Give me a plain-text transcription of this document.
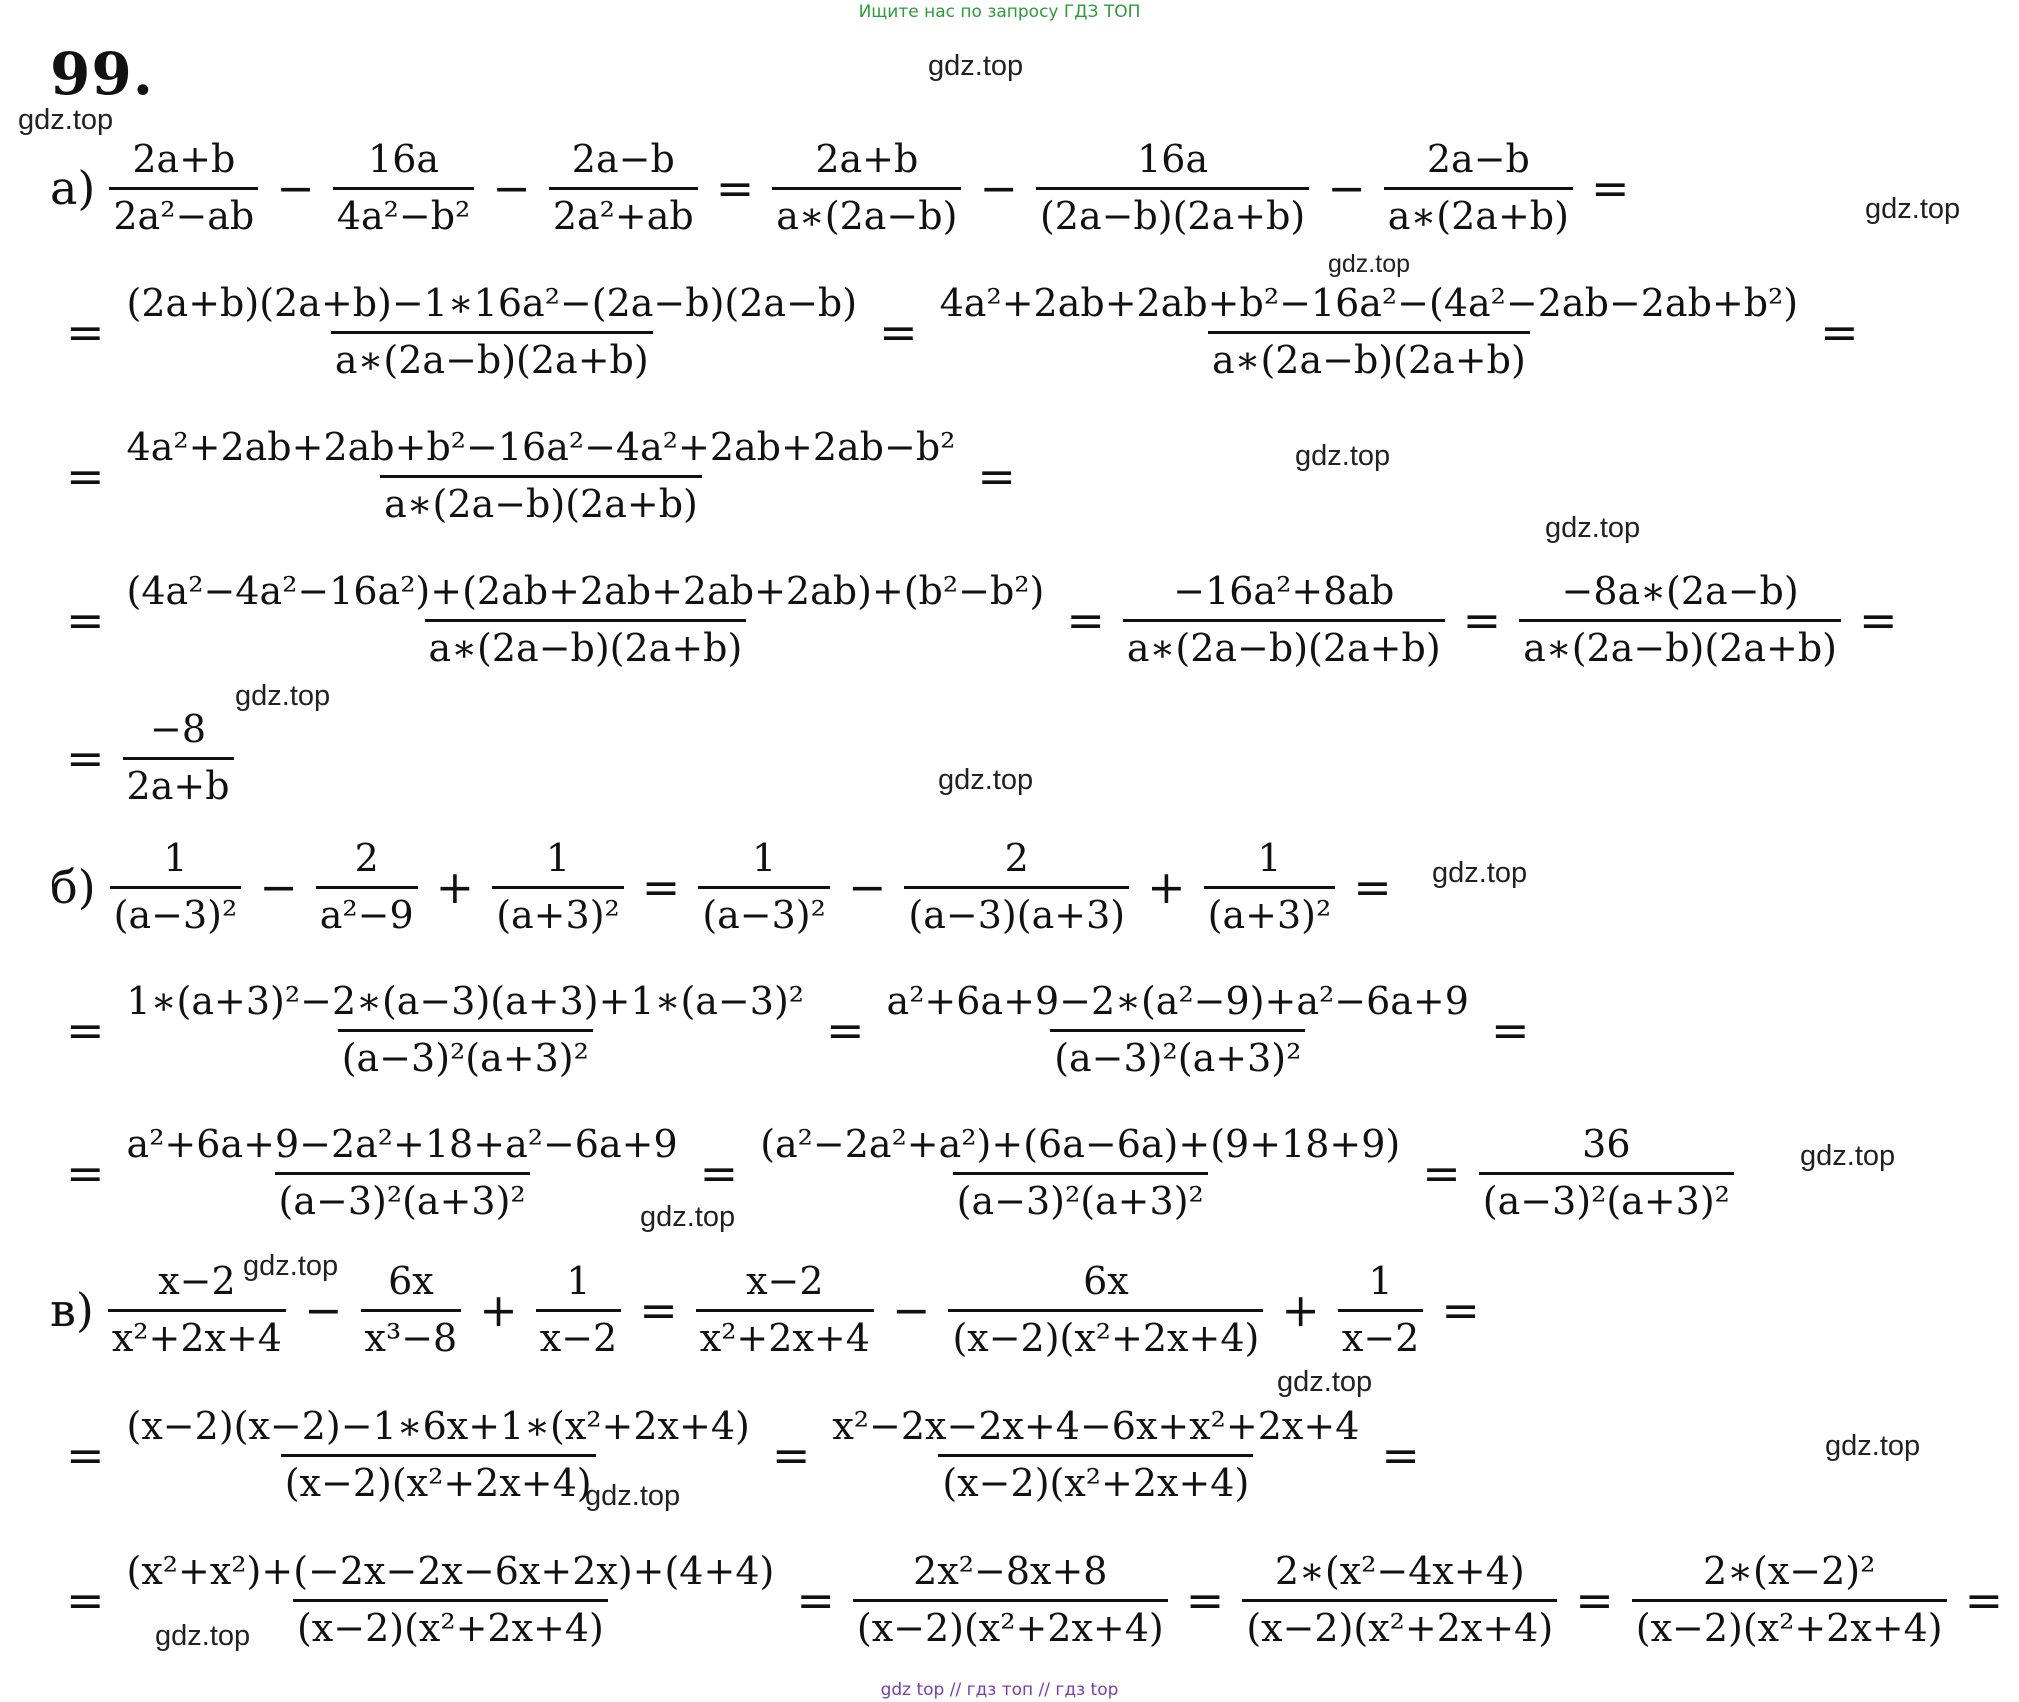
Ищите нас по запросу ГДЗ ТОП
99.	gdz.top
gdz.top
gdz.top
gdz.top
gdz.top
gdz.top
gdz.top
gdz.top
gdz.top
gdz.top
gdz.top
gdz.top
gdz.top
gdz.top
gdz.top
gdz.top
$а) \frac{2a+b}{\text{2a²−ab}} - \frac{16a}{\text{4a²−b²}} - \frac{2a-b}{\text{2a²+ab}} = \frac{2a+b}{a∗(2a-b)} - \frac{16a}{(2a-b)(2a+b)} - \frac{2a-b}{a∗(2a+b)}$ =
= $\frac{\text{(2a+b)(2a+b)−1∗16a²−(2a−b)(2a−b)}}{a∗(2a-b)(2a+b)} = \frac{\text{4a²+2ab+2ab+b²−16a²−(4a²−2ab−2ab+b²)}}{a∗(2a-b)(2a+b)}$ =
= $\frac{\text{4a²+2ab+2ab+b²−16a²−4a²+2ab+2ab−b²}}{a∗(2a-b)(2a+b)}$ =
= $\frac{\text{(4a²−4a²−16a²)+(2ab+2ab+2ab+2ab)+(b²−b²)}}{a∗(2a-b)(2a+b)} = \frac{\text{−16a²+8ab}}{a∗(2a-b)(2a+b)} = \frac{-8a∗(2a-b)}{a∗(2a-b)(2a+b)}$ =
= $\frac{-8}{2a+b}$
$б) \frac{1}{\text{(a−3)²}} - \frac{2}{\text{a²−9}} + \frac{1}{\text{(a+3)²}} = \frac{1}{\text{(a−3)²}} - \frac{2}{(a-3)(a+3)} + \frac{1}{\text{(a+3)²}}$ =
= $\frac{\text{1∗(a+3)²−2∗(a−3)(a+3)+1∗(a−3)²}}{\text{(a−3)²(a+3)²}} = \frac{\text{a²+6a+9−2∗(a²−9)+a²−6a+9}}{\text{(a−3)²(a+3)²}}$ =
= $\frac{\text{a²+6a+9−2a²+18+a²−6a+9}}{\text{(a−3)²(a+3)²}} = \frac{\text{(a²−2a²+a²)+(6a−6a)+(9+18+9)}}{\text{(a−3)²(a+3)²}} = \frac{36}{\text{(a−3)²(a+3)²}}$
$в) \frac{x-2}{\text{x²+2x+4}} - \frac{6x}{\text{x³−8}} + \frac{1}{x-2} = \frac{x-2}{\text{x²+2x+4}} - \frac{6x}{\text{(x−2)(x²+2x+4)}} + \frac{1}{x-2}$ =
= $\frac{\text{(x−2)(x−2)−1∗6x+1∗(x²+2x+4)}}{\text{(x−2)(x²+2x+4)}} = \frac{\text{x²−2x−2x+4−6x+x²+2x+4}}{\text{(x−2)(x²+2x+4)}}$ =
= $\frac{\text{(x²+x²)+(−2x−2x−6x+2x)+(4+4)}}{\text{(x−2)(x²+2x+4)}} = \frac{\text{2x²−8x+8}}{\text{(x−2)(x²+2x+4)}} = \frac{\text{2∗(x²−4x+4)}}{\text{(x−2)(x²+2x+4)}} = \frac{\text{2∗(x−2)²}}{\text{(x−2)(x²+2x+4)}}$ =
gdz top // гдз топ // гдз top
